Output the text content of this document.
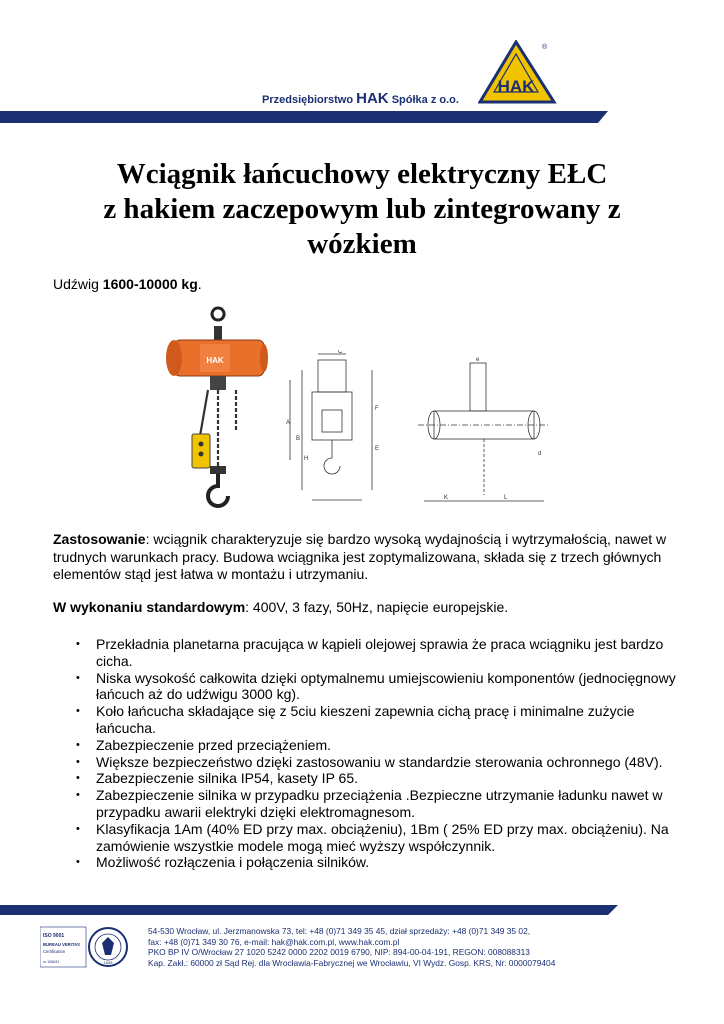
Przedsiębiorstwo HAK Spółka z o.o.
HAK
®
Wciągnik łańcuchowy elektryczny EŁC
z hakiem zaczepowym lub zintegrowany z
wózkiem
Udźwig 1600-10000 kg.
HAK
A
B
C
F
E
H
K	L
d
e
Zastosowanie: wciągnik charakteryzuje się bardzo wysoką wydajnością i wytrzymałością, nawet w trudnych warunkach pracy. Budowa wciągnika jest zoptymalizowana, składa się z trzech głównych elementów stąd jest łatwa w montażu i utrzymaniu.
W wykonaniu standardowym: 400V, 3 fazy, 50Hz, napięcie europejskie.
• Przekładnia planetarna pracująca w kąpieli olejowej sprawia że praca wciągniku jest bardzo cicha.
• Niska wysokość całkowita dzięki optymalnemu umiejscowieniu komponentów (jednocięgnowy łańcuch aż do udźwigu 3000 kg).
• Koło łańcucha składające się z 5ciu kieszeni zapewnia cichą pracę i minimalne zużycie łańcucha.
• Zabezpieczenie przed przeciążeniem.
• Większe bezpieczeństwo dzięki zastosowaniu w standardzie sterowania ochronnego (48V).
• Zabezpieczenie silnika IP54, kasety IP 65.
• Zabezpieczenie silnika w przypadku przeciążenia .Bezpieczne utrzymanie ładunku nawet w przypadku awarii elektryki dzięki elektromagnesom.
• Klasyfikacja 1Am (40% ED przy max. obciążeniu), 1Bm ( 25% ED przy max. obciążeniu). Na zamówienie wszystkie modele mogą mieć wyższy współczynnik.
• Możliwość rozłączenia i połączenia silników.
ISO 9001
BUREAU VERITAS
Certification
nr 106631	1828
54-530 Wrocław, ul. Jerzmanowska 73, tel: +48 (0)71 349 35 45, dział sprzedaży: +48 (0)71 349 35 02,
fax: +48 (0)71 349 30 76, e-mail: hak@hak.com.pl, www.hak.com.pl
PKO BP IV O/Wrocław 27 1020 5242 0000 2202 0019 6790, NIP: 894-00-04-191, REGON: 008088313
Kap. Zakł.: 60000 zł Sąd Rej. dla Wrocławia-Fabrycznej we Wrocławiu, VI Wydz. Gosp. KRS, Nr: 0000079404
